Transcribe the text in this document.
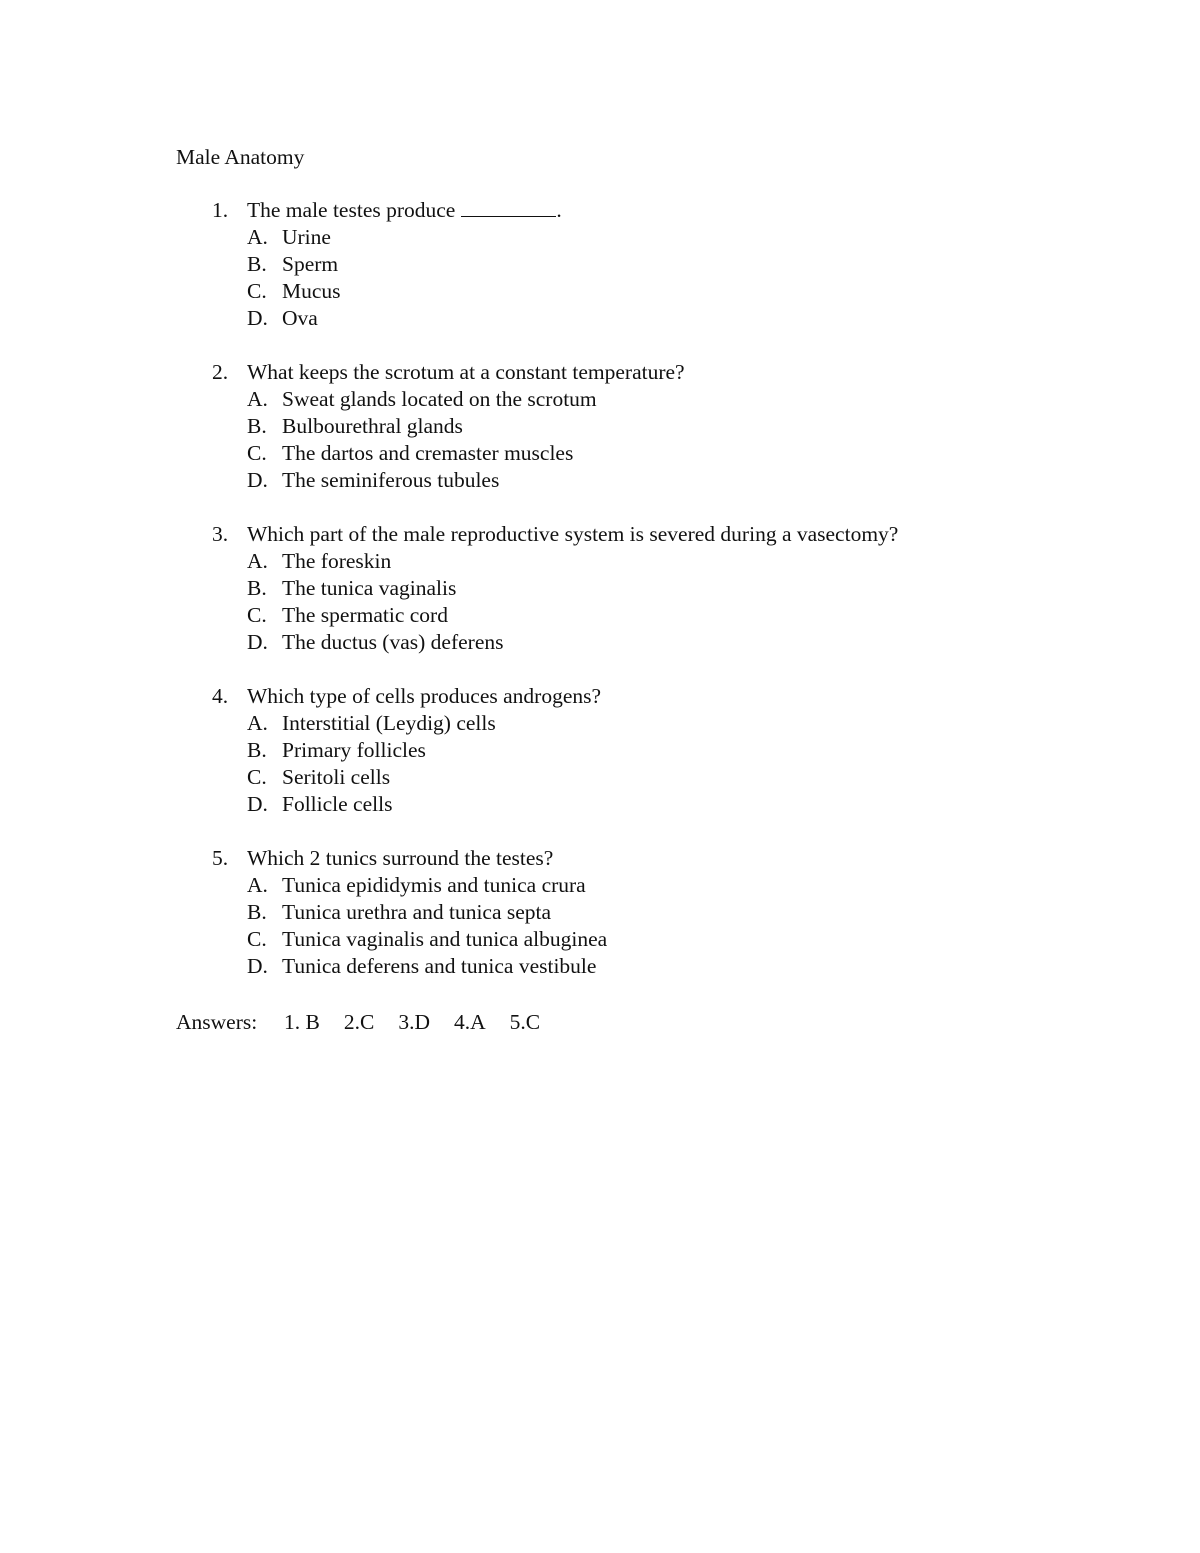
Male Anatomy
1. The male testes produce	.
A. Urine
B. Sperm
C. Mucus
D. Ova
2. What keeps the scrotum at a constant temperature?
A. Sweat glands located on the scrotum
B. Bulbourethral glands
C. The dartos and cremaster muscles
D. The seminiferous tubules
3. Which part of the male reproductive system is severed during a vasectomy?
A. The foreskin
B. The tunica vaginalis
C. The spermatic cord
D. The ductus (vas) deferens
4. Which type of cells produces androgens?
A. Interstitial (Leydig) cells
B. Primary follicles
C. Seritoli cells
D. Follicle cells
5. Which 2 tunics surround the testes?
A. Tunica epididymis and tunica crura
B. Tunica urethra and tunica septa
C. Tunica vaginalis and tunica albuginea
D. Tunica deferens and tunica vestibule
Answers: 1. B 2.C 3.D 4.A 5.C
